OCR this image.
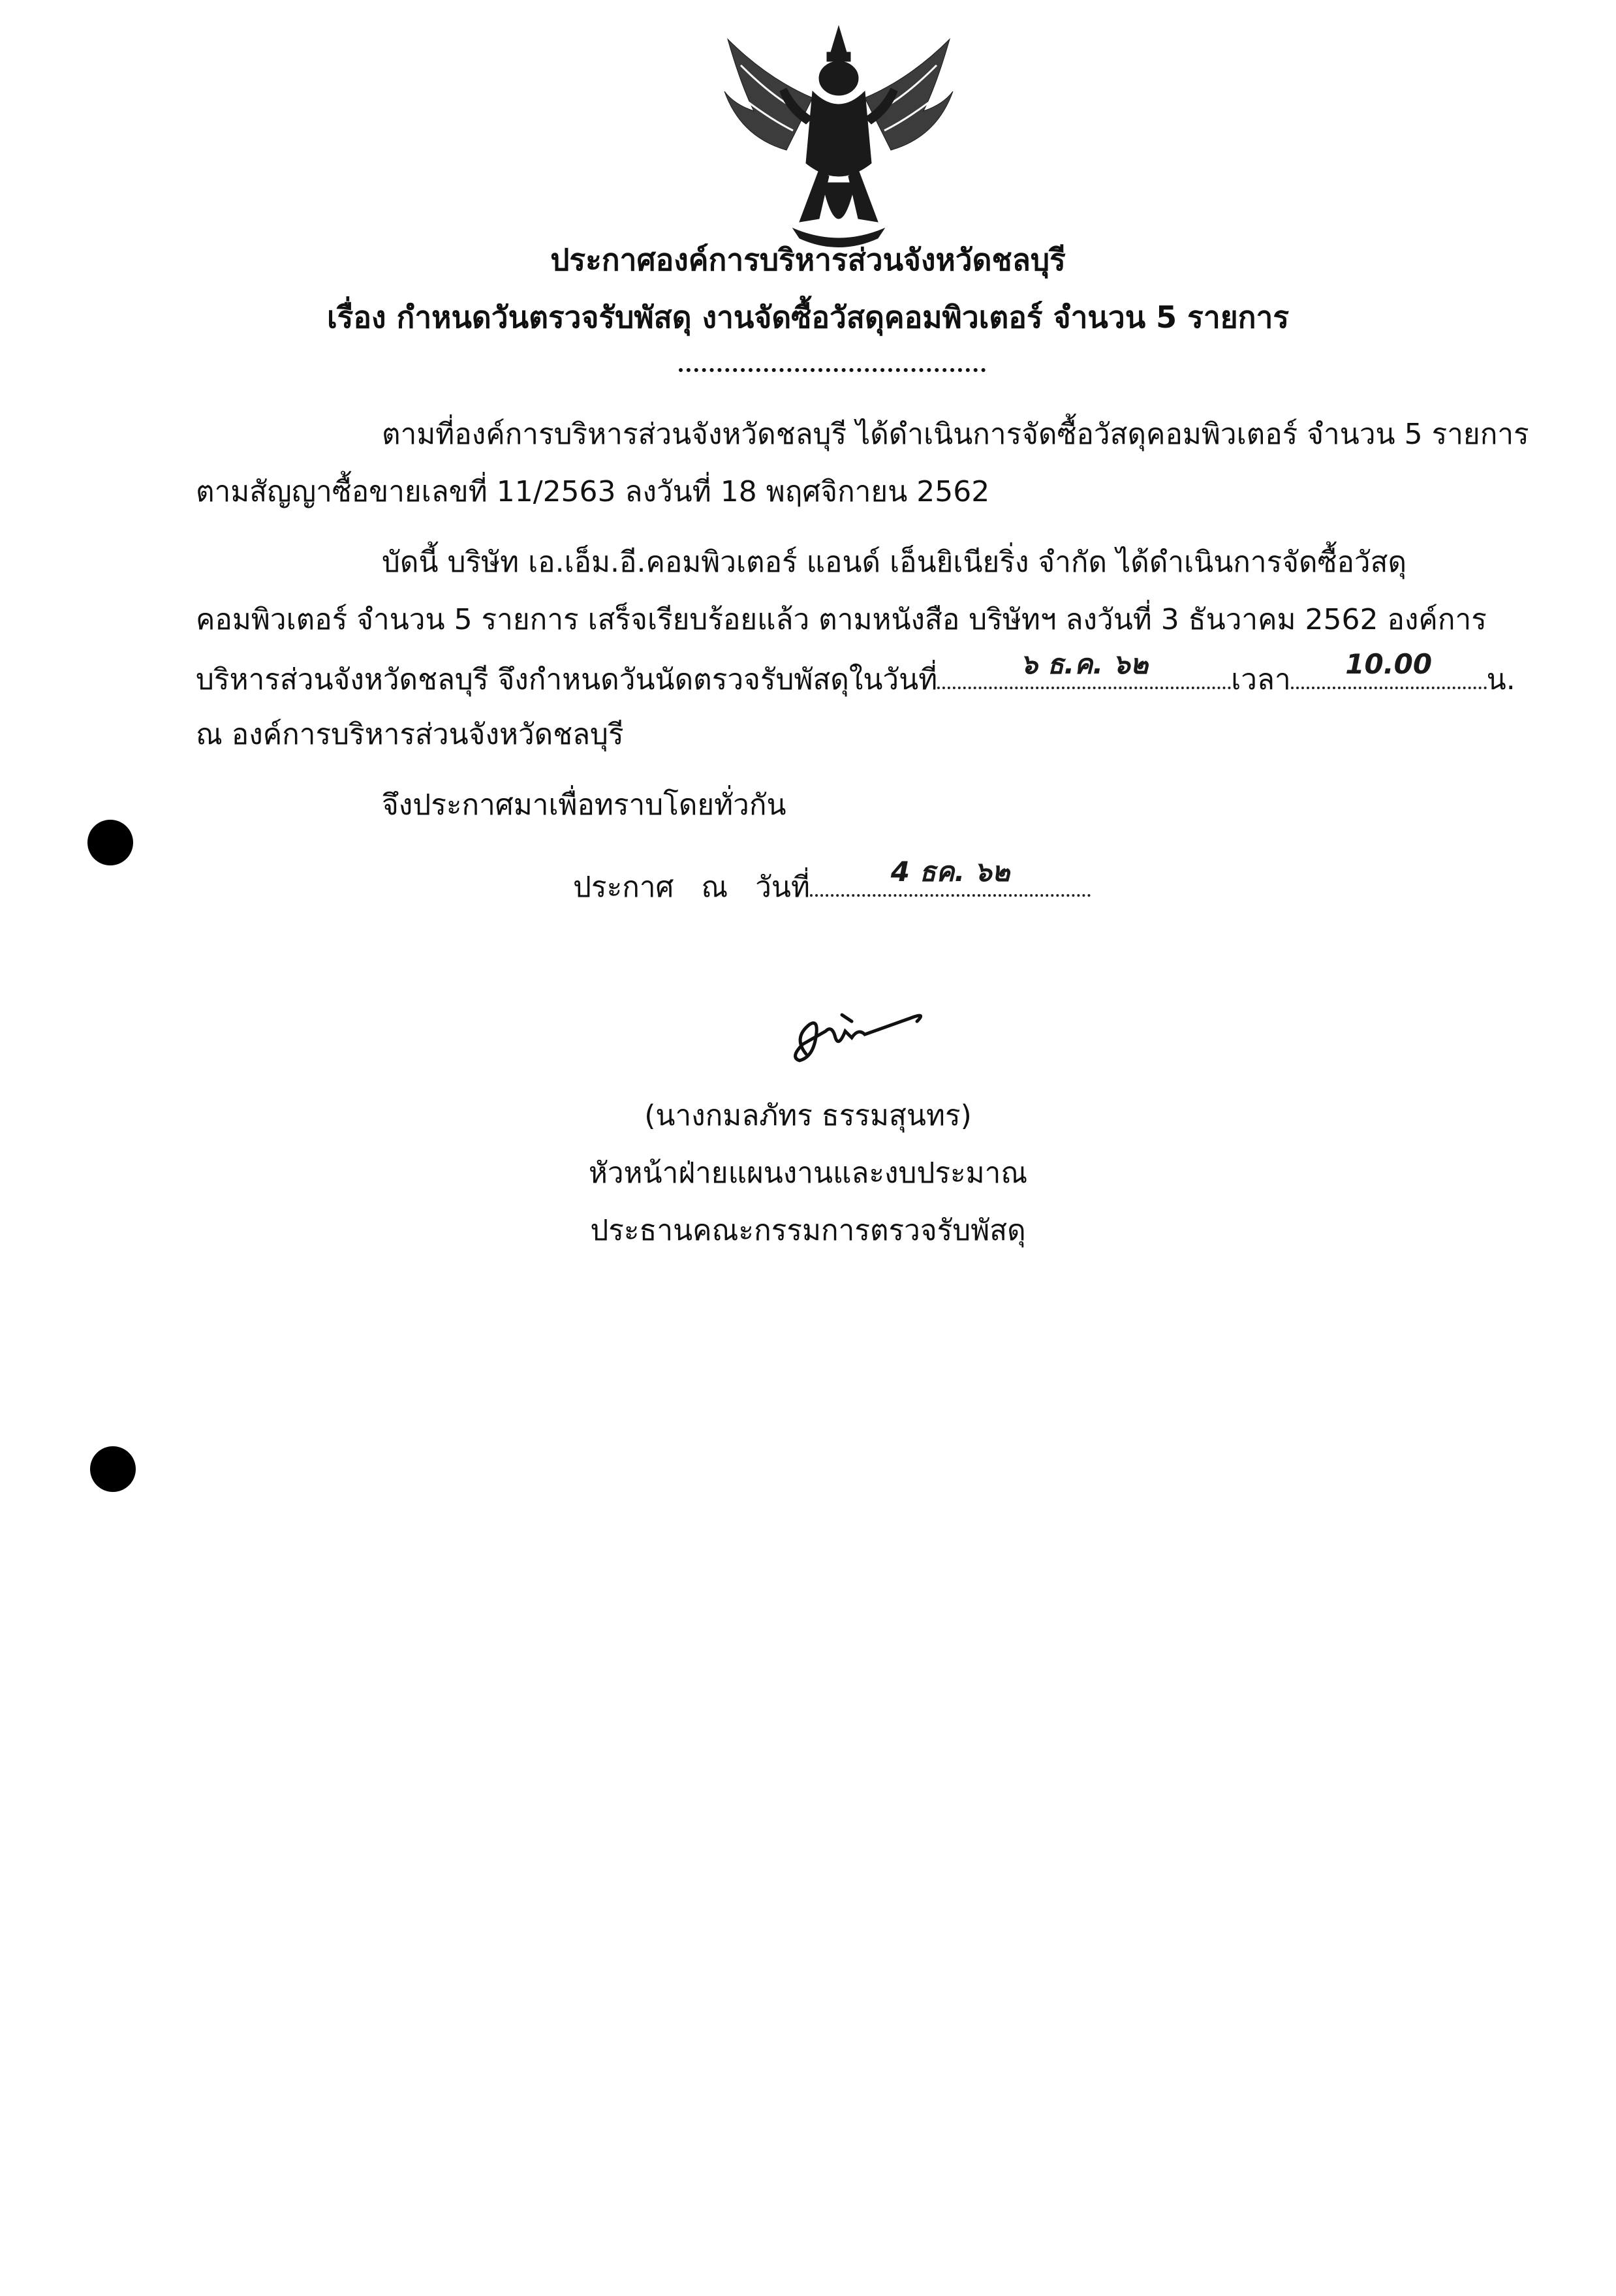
ประกาศองค์การบริหารส่วนจังหวัดชลบุรี
เรื่อง กำหนดวันตรวจรับพัสดุ งานจัดซื้อวัสดุคอมพิวเตอร์ จำนวน 5 รายการ
ตามที่องค์การบริหารส่วนจังหวัดชลบุรี ได้ดำเนินการจัดซื้อวัสดุคอมพิวเตอร์ จำนวน 5 รายการ
ตามสัญญาซื้อขายเลขที่ 11/2563 ลงวันที่ 18 พฤศจิกายน 2562
บัดนี้ บริษัท เอ.เอ็ม.อี.คอมพิวเตอร์ แอนด์ เอ็นยิเนียริ่ง จำกัด ได้ดำเนินการจัดซื้อวัสดุ
คอมพิวเตอร์ จำนวน 5 รายการ เสร็จเรียบร้อยแล้ว ตามหนังสือ บริษัทฯ ลงวันที่ 3 ธันวาคม 2562 องค์การ
บริหารส่วนจังหวัดชลบุรี จึงกำหนดวันนัดตรวจรับพัสดุในวันที่	๖ ธ.ค. ๖๒	เวลา	10.00	น.
ณ องค์การบริหารส่วนจังหวัดชลบุรี
จึงประกาศมาเพื่อทราบโดยทั่วกัน
ประกาศ   ณ   วันที่	4 ธค. ๖๒
(นางกมลภัทร ธรรมสุนทร)
หัวหน้าฝ่ายแผนงานและงบประมาณ
ประธานคณะกรรมการตรวจรับพัสดุ
